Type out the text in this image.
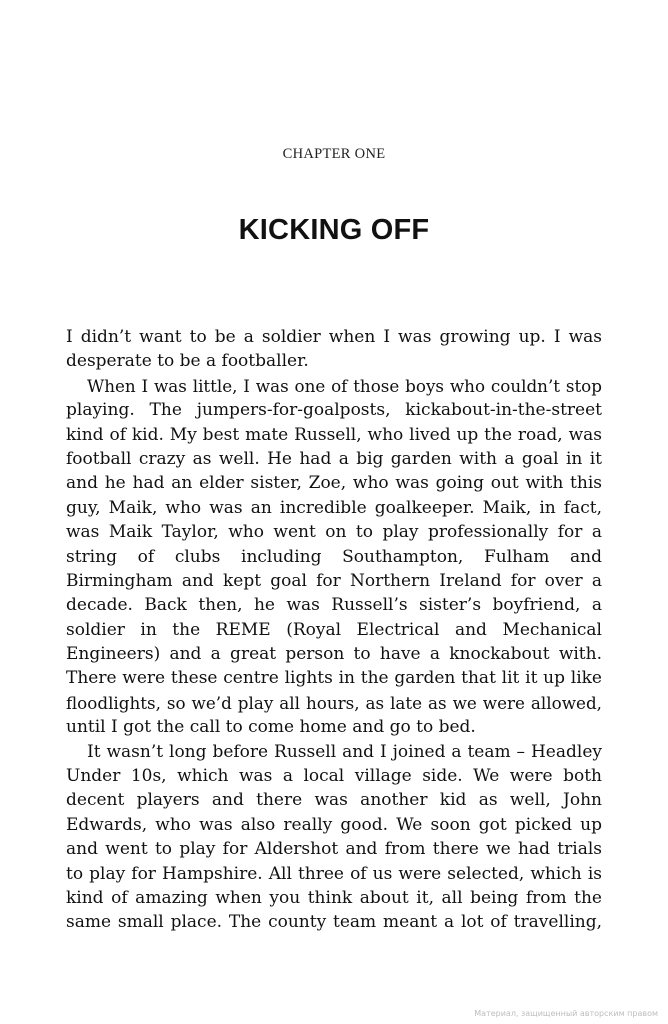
CHAPTER ONE
KICKING OFF
I didn’t want to be a soldier when I was growing up. I was
desperate to be a footballer.
When I was little, I was one of those boys who couldn’t stop
playing. The jumpers-for-goalposts, kickabout-in-the-street
kind of kid. My best mate Russell, who lived up the road, was
football crazy as well. He had a big garden with a goal in it
and he had an elder sister, Zoe, who was going out with this
guy, Maik, who was an incredible goalkeeper. Maik, in fact,
was Maik Taylor, who went on to play professionally for a
string of clubs including Southampton, Fulham and
Birmingham and kept goal for Northern Ireland for over a
decade. Back then, he was Russell’s sister’s boyfriend, a
soldier in the REME (Royal Electrical and Mechanical
Engineers) and a great person to have a knockabout with.
There were these centre lights in the garden that lit it up like
floodlights, so we’d play all hours, as late as we were allowed,
until I got the call to come home and go to bed.
It wasn’t long before Russell and I joined a team – Headley
Under 10s, which was a local village side. We were both
decent players and there was another kid as well, John
Edwards, who was also really good. We soon got picked up
and went to play for Aldershot and from there we had trials
to play for Hampshire. All three of us were selected, which is
kind of amazing when you think about it, all being from the
same small place. The county team meant a lot of travelling,
Материал, защищенный авторским правом
